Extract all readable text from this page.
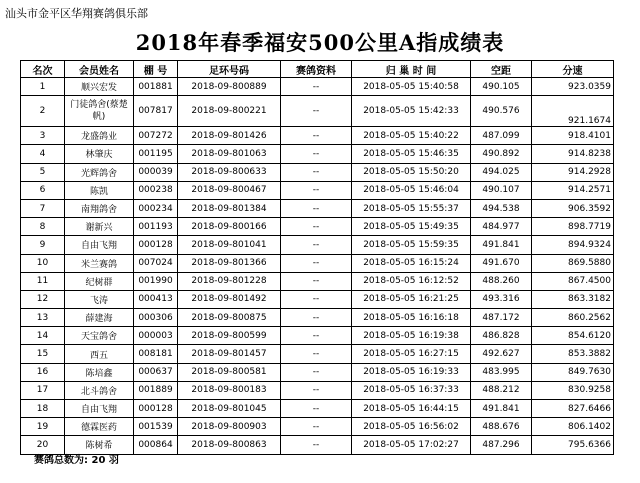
汕头市金平区华翔赛鸽俱乐部
2018年春季福安500公里A指成绩表
名次	会员姓名	棚 号	足环号码	赛鸽资料	归 巢 时 间	空距	分速
1	顺兴宏发	001881	2018-09-800889	--	2018-05-05 15:40:58	490.105	923.0359
2	门徒鸽舍(蔡楚帆)	007817	2018-09-800221	--	2018-05-05 15:42:33	490.576	921.1674
3	龙盛鸽业	007272	2018-09-801426	--	2018-05-05 15:40:22	487.099	918.4101
4	林肇庆	001195	2018-09-801063	--	2018-05-05 15:46:35	490.892	914.8238
5	光辉鸽舍	000039	2018-09-800633	--	2018-05-05 15:50:20	494.025	914.2928
6	陈凯	000238	2018-09-800467	--	2018-05-05 15:46:04	490.107	914.2571
7	南翔鸽舍	000234	2018-09-801384	--	2018-05-05 15:55:37	494.538	906.3592
8	谢新兴	001193	2018-09-800166	--	2018-05-05 15:49:35	484.977	898.7719
9	自由飞翔	000128	2018-09-801041	--	2018-05-05 15:59:35	491.841	894.9324
10	米兰赛鸽	007024	2018-09-801366	--	2018-05-05 16:15:24	491.670	869.5880
11	纪树群	001990	2018-09-801228	--	2018-05-05 16:12:52	488.260	867.4500
12	飞涛	000413	2018-09-801492	--	2018-05-05 16:21:25	493.316	863.3182
13	薛建海	000306	2018-09-800875	--	2018-05-05 16:16:18	487.172	860.2562
14	天宝鸽舍	000003	2018-09-800599	--	2018-05-05 16:19:38	486.828	854.6120
15	西五	008181	2018-09-801457	--	2018-05-05 16:27:15	492.627	853.3882
16	陈培鑫	000637	2018-09-800581	--	2018-05-05 16:19:33	483.995	849.7630
17	北斗鸽舍	001889	2018-09-800183	--	2018-05-05 16:37:33	488.212	830.9258
18	自由飞翔	000128	2018-09-801045	--	2018-05-05 16:44:15	491.841	827.6466
19	德霖医药	001539	2018-09-800903	--	2018-05-05 16:56:02	488.676	806.1402
20	陈树希	000864	2018-09-800863	--	2018-05-05 17:02:27	487.296	795.6366
赛鸽总数为: 20 羽
